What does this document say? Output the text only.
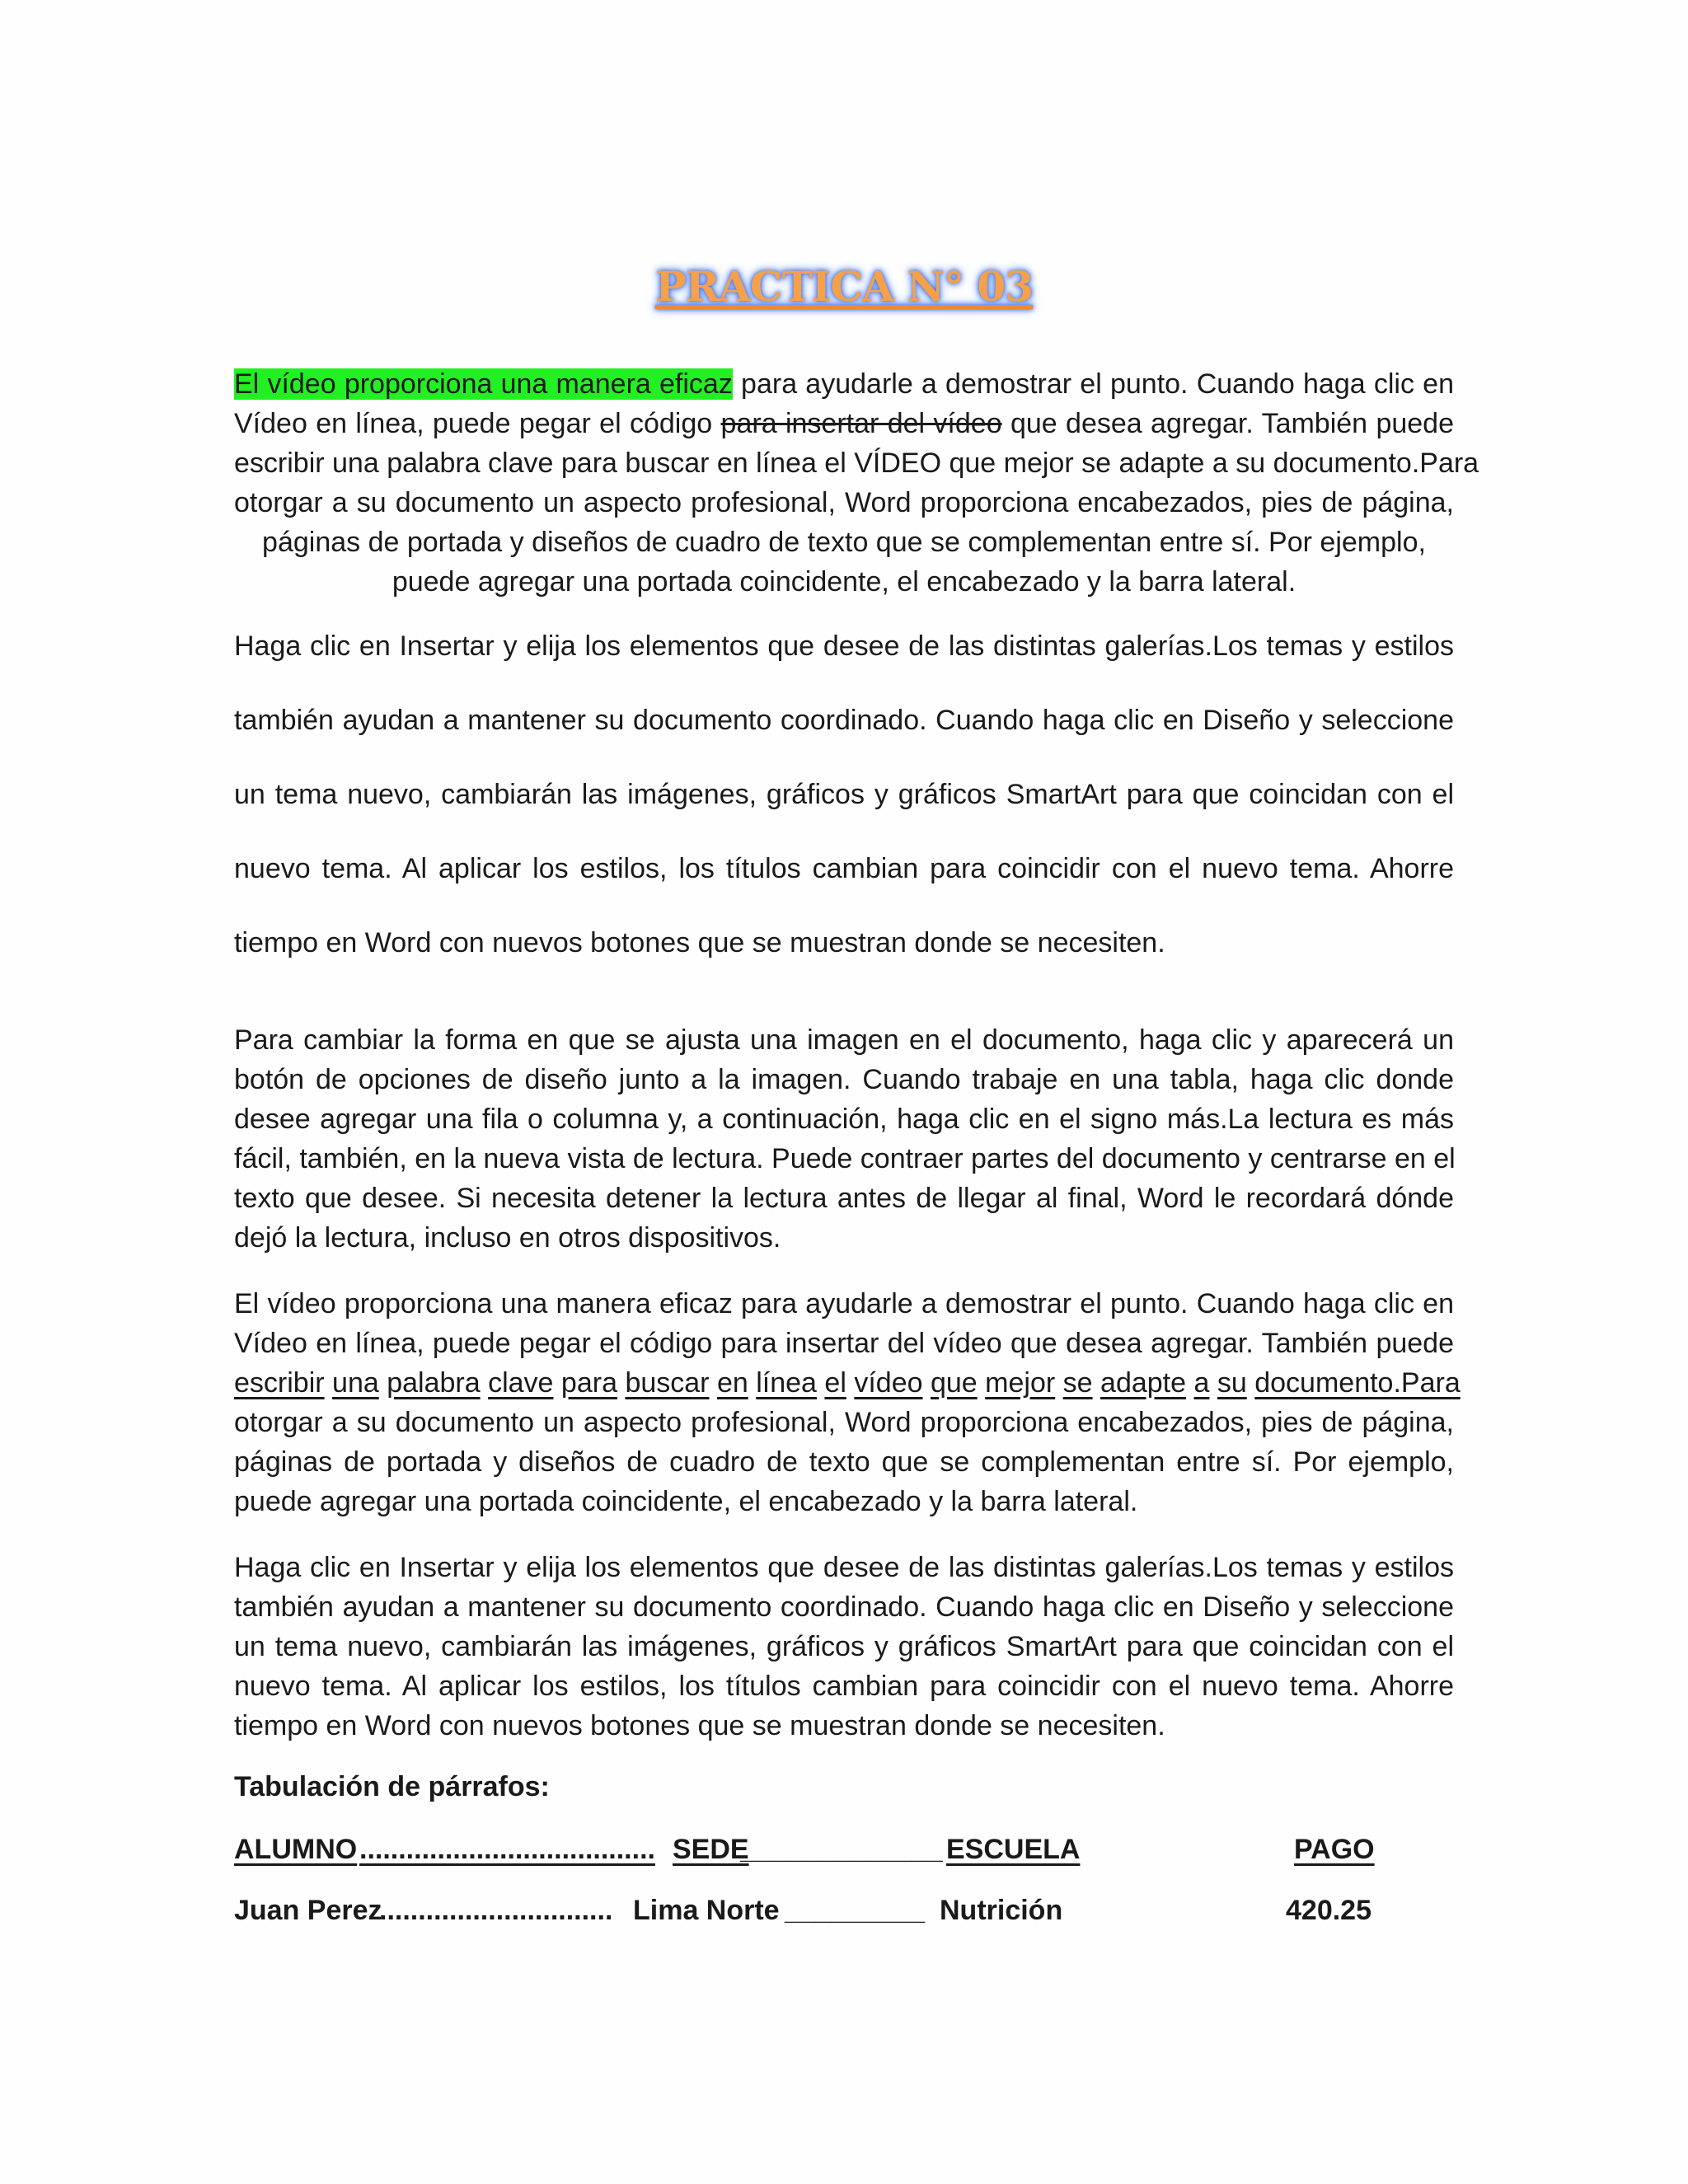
PRACTICA N° 03
El vídeo proporciona una manera eficaz para ayudarle a demostrar el punto. Cuando haga clic en
Vídeo en línea, puede pegar el código para insertar del vídeo que desea agregar. También puede
escribir una palabra clave para buscar en línea el VÍDEO que mejor se adapte a su documento.Para
otorgar a su documento un aspecto profesional, Word proporciona encabezados, pies de página,
páginas de portada y diseños de cuadro de texto que se complementan entre sí. Por ejemplo,
puede agregar una portada coincidente, el encabezado y la barra lateral.
Haga clic en Insertar y elija los elementos que desee de las distintas galerías.Los temas y estilos
también ayudan a mantener su documento coordinado. Cuando haga clic en Diseño y seleccione
un tema nuevo, cambiarán las imágenes, gráficos y gráficos SmartArt para que coincidan con el
nuevo tema. Al aplicar los estilos, los títulos cambian para coincidir con el nuevo tema. Ahorre
tiempo en Word con nuevos botones que se muestran donde se necesiten.
Para cambiar la forma en que se ajusta una imagen en el documento, haga clic y aparecerá un
botón de opciones de diseño junto a la imagen. Cuando trabaje en una tabla, haga clic donde
desee agregar una fila o columna y, a continuación, haga clic en el signo más.La lectura es más
fácil, también, en la nueva vista de lectura. Puede contraer partes del documento y centrarse en el
texto que desee. Si necesita detener la lectura antes de llegar al final, Word le recordará dónde
dejó la lectura, incluso en otros dispositivos.
El vídeo proporciona una manera eficaz para ayudarle a demostrar el punto. Cuando haga clic en
Vídeo en línea, puede pegar el código para insertar del vídeo que desea agregar. También puede
escribir una palabra clave para buscar en línea el vídeo que mejor se adapte a su documento.Para
otorgar a su documento un aspecto profesional, Word proporciona encabezados, pies de página,
páginas de portada y diseños de cuadro de texto que se complementan entre sí. Por ejemplo,
puede agregar una portada coincidente, el encabezado y la barra lateral.
Haga clic en Insertar y elija los elementos que desee de las distintas galerías.Los temas y estilos
también ayudan a mantener su documento coordinado. Cuando haga clic en Diseño y seleccione
un tema nuevo, cambiarán las imágenes, gráficos y gráficos SmartArt para que coincidan con el
nuevo tema. Al aplicar los estilos, los títulos cambian para coincidir con el nuevo tema. Ahorre
tiempo en Word con nuevos botones que se muestran donde se necesiten.
Tabulación de párrafos:
ALUMNO ...................................... SEDE
_____________ ESCUELA	PAGO
Juan Perez
.............................. Lima Norte _________ Nutrición	420.25
